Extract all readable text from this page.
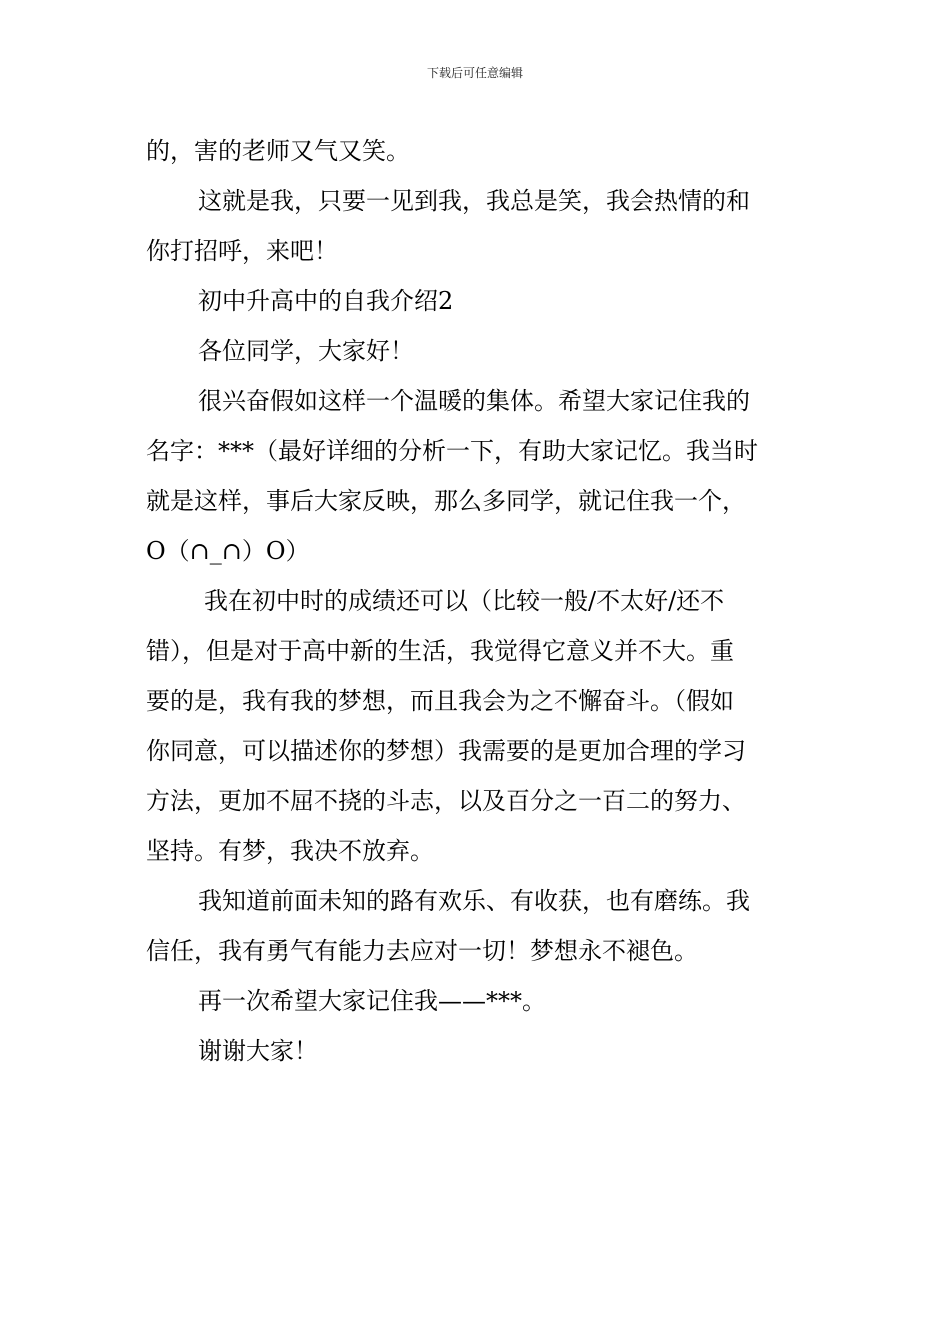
下载后可任意编辑
的，害的老师又气又笑。
这就是我，只要一见到我，我总是笑，我会热情的和
你打招呼，来吧！
初中升高中的自我介绍2
各位同学，大家好！
很兴奋假如这样一个温暖的集体。希望大家记住我的
名字：***（最好详细的分析一下，有助大家记忆。我当时
就是这样，事后大家反映，那么多同学，就记住我一个，
O（∩_∩）O）
我在初中时的成绩还可以（比较一般/不太好/还不
错），但是对于高中新的生活，我觉得它意义并不大。重
要的是，我有我的梦想，而且我会为之不懈奋斗。（假如
你同意，可以描述你的梦想）我需要的是更加合理的学习
方法，更加不屈不挠的斗志，以及百分之一百二的努力、
坚持。有梦，我决不放弃。
我知道前面未知的路有欢乐、有收获，也有磨练。我
信任，我有勇气有能力去应对一切！梦想永不褪色。
再一次希望大家记住我——***。
谢谢大家！
